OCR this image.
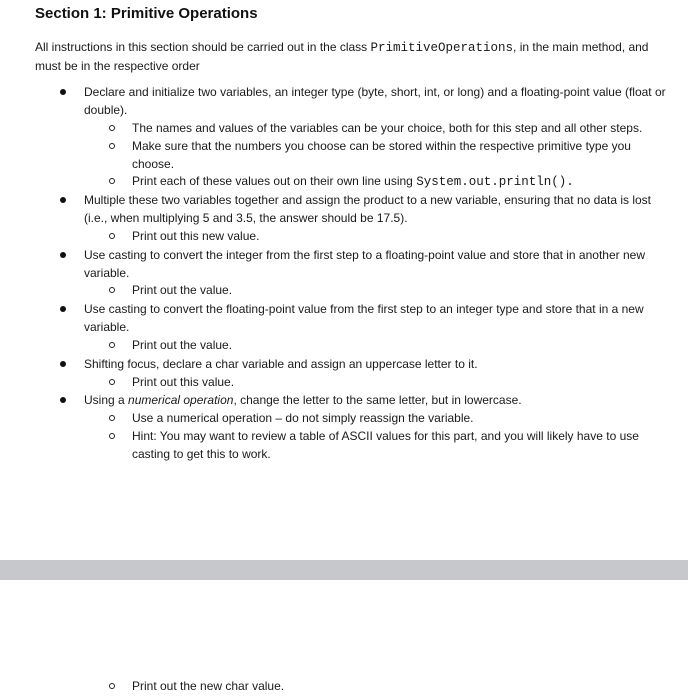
Section 1: Primitive Operations

All instructions in this section should be carried out in the class PrimitiveOperations, in the main method, and must be in the respective order

Declare and initialize two variables, an integer type (byte, short, int, or long) and a floating-point value (float or double).

The names and values of the variables can be your choice, both for this step and all other steps.

Make sure that the numbers you choose can be stored within the respective primitive type you choose.

Print each of these values out on their own line using System.out.println().

Multiple these two variables together and assign the product to a new variable, ensuring that no data is lost (i.e., when multiplying 5 and 3.5, the answer should be 17.5).

Print out this new value.

Use casting to convert the integer from the first step to a floating-point value and store that in another new variable.

Print out the value.

Use casting to convert the floating-point value from the first step to an integer type and store that in a new variable.

Print out the value.

Shifting focus, declare a char variable and assign an uppercase letter to it.

Print out this value.

Using a numerical operation, change the letter to the same letter, but in lowercase.

Use a numerical operation – do not simply reassign the variable.

Hint: You may want to review a table of ASCII values for this part, and you will likely have to use casting to get this to work.

Print out the new char value.
